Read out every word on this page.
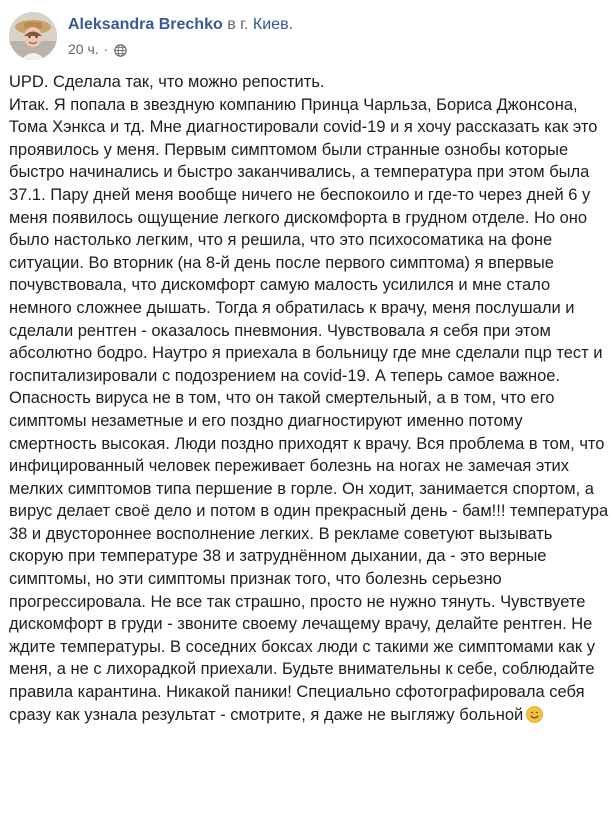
Aleksandra Brechko в г. Киев.
20 ч. ·

UPD. Сделала так, что можно репостить.

Итак. Я попала в звездную компанию Принца Чарльза, Бориса Джонсона, Тома Хэнкса и тд. Мне диагностировали covid-19 и я хочу рассказать как это проявилось у меня. Первым симптомом были странные ознобы которые быстро начинались и быстро заканчивались, а температура при этом была 37.1. Пару дней меня вообще ничего не беспокоило и где-то через дней 6 у меня появилось ощущение легкого дискомфорта в грудном отделе. Но оно было настолько легким, что я решила, что это психосоматика на фоне ситуации. Во вторник (на 8-й день после первого симптома) я впервые почувствовала, что дискомфорт самую малость усилился и мне стало немного сложнее дышать. Тогда я обратилась к врачу, меня послушали и сделали рентген - оказалось пневмония. Чувствовала я себя при этом абсолютно бодро. Наутро я приехала в больницу где мне сделали пцр тест и госпитализировали с подозрением на covid-19. А теперь самое важное. Опасность вируса не в том, что он такой смертельный, а в том, что его симптомы незаметные и его поздно диагностируют именно потому смертность высокая. Люди поздно приходят к врачу. Вся проблема в том, что инфицированный человек переживает болезнь на ногах не замечая этих мелких симптомов типа першение в горле. Он ходит, занимается спортом, а вирус делает своё дело и потом в один прекрасный день - бам!!! температура 38 и двустороннее восполнение легких. В рекламе советуют вызывать скорую при температуре 38 и затруднённом дыхании, да - это верные симптомы, но эти симптомы признак того, что болезнь серьезно прогрессировала. Не все так страшно, просто не нужно тянуть. Чувствуете дискомфорт в груди - звоните своему лечащему врачу, делайте рентген. Не ждите температуры. В соседних боксах люди с такими же симптомами как у меня, а не с лихорадкой приехали. Будьте внимательны к себе, соблюдайте правила карантина. Никакой паники! Специально сфотографировала себя сразу как узнала результат - смотрите, я даже не выгляжу больной
